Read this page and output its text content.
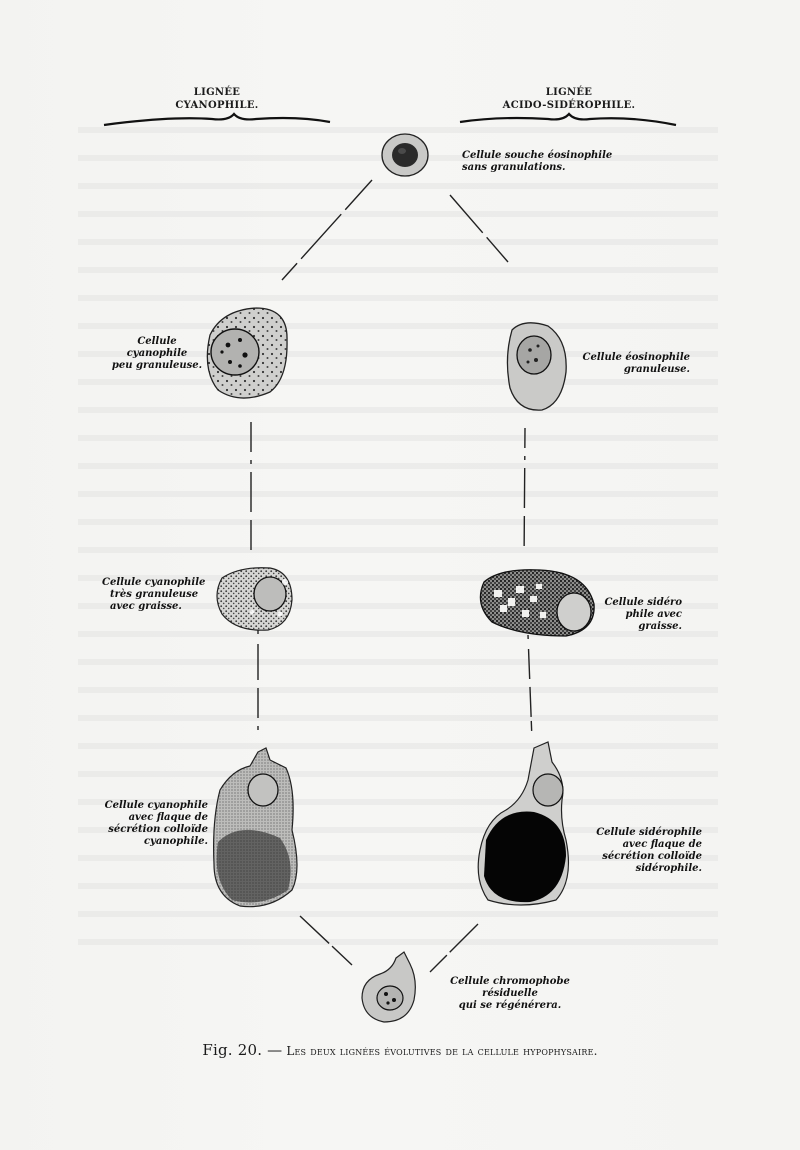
LIGNÉE
CYANOPHILE.
LIGNÉE
ACIDO-SIDÉROPHILE.
Cellule souche éosinophile
sans granulations.
Cellule
cyanophile
peu granuleuse.
Cellule éosinophile
granuleuse.
Cellule cyanophile
très granuleuse
avec graisse.	Cellule sidéro
phile avec
graisse.
Cellule cyanophile
avec flaque de
sécrétion colloïde
cyanophile.
Cellule sidérophile
avec flaque de
sécrétion colloïde
sidérophile.
Cellule chromophobe
résiduelle
qui se régénérera.
Fig. 20. — Les deux lignées évolutives de la cellule hypophysaire.
